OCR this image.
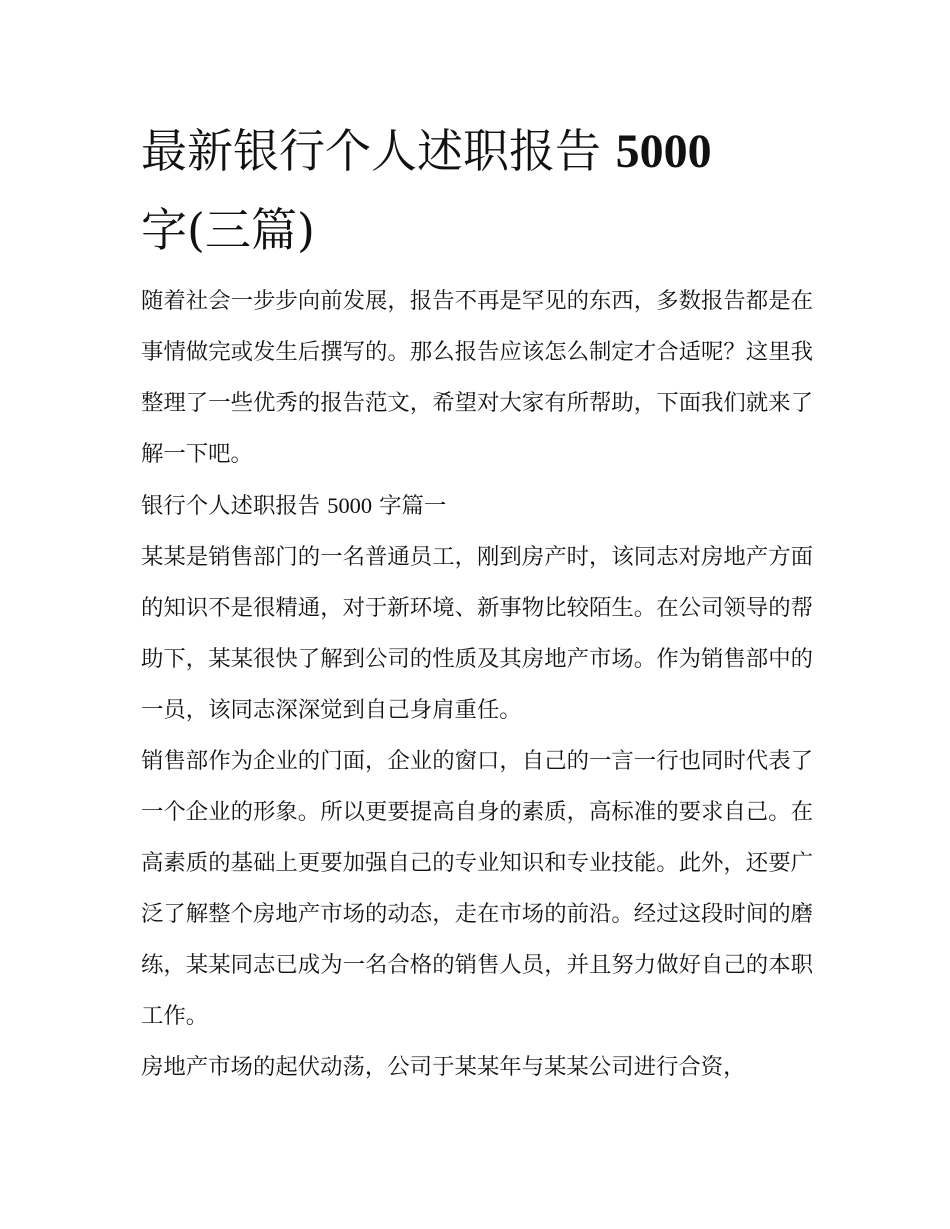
最新银行个人述职报告 5000
字(三篇)

随着社会一步步向前发展，报告不再是罕见的东西，多数报告都是在事情做完或发生后撰写的。那么报告应该怎么制定才合适呢？这里我整理了一些优秀的报告范文，希望对大家有所帮助，下面我们就来了解一下吧。

银行个人述职报告 5000 字篇一

某某是销售部门的一名普通员工，刚到房产时，该同志对房地产方面的知识不是很精通，对于新环境、新事物比较陌生。在公司领导的帮助下，某某很快了解到公司的性质及其房地产市场。作为销售部中的一员，该同志深深觉到自己身肩重任。

销售部作为企业的门面，企业的窗口，自己的一言一行也同时代表了一个企业的形象。所以更要提高自身的素质，高标准的要求自己。在高素质的基础上更要加强自己的专业知识和专业技能。此外，还要广泛了解整个房地产市场的动态，走在市场的前沿。经过这段时间的磨练，某某同志已成为一名合格的销售人员，并且努力做好自己的本职工作。

房地产市场的起伏动荡，公司于某某年与某某公司进行合资，
